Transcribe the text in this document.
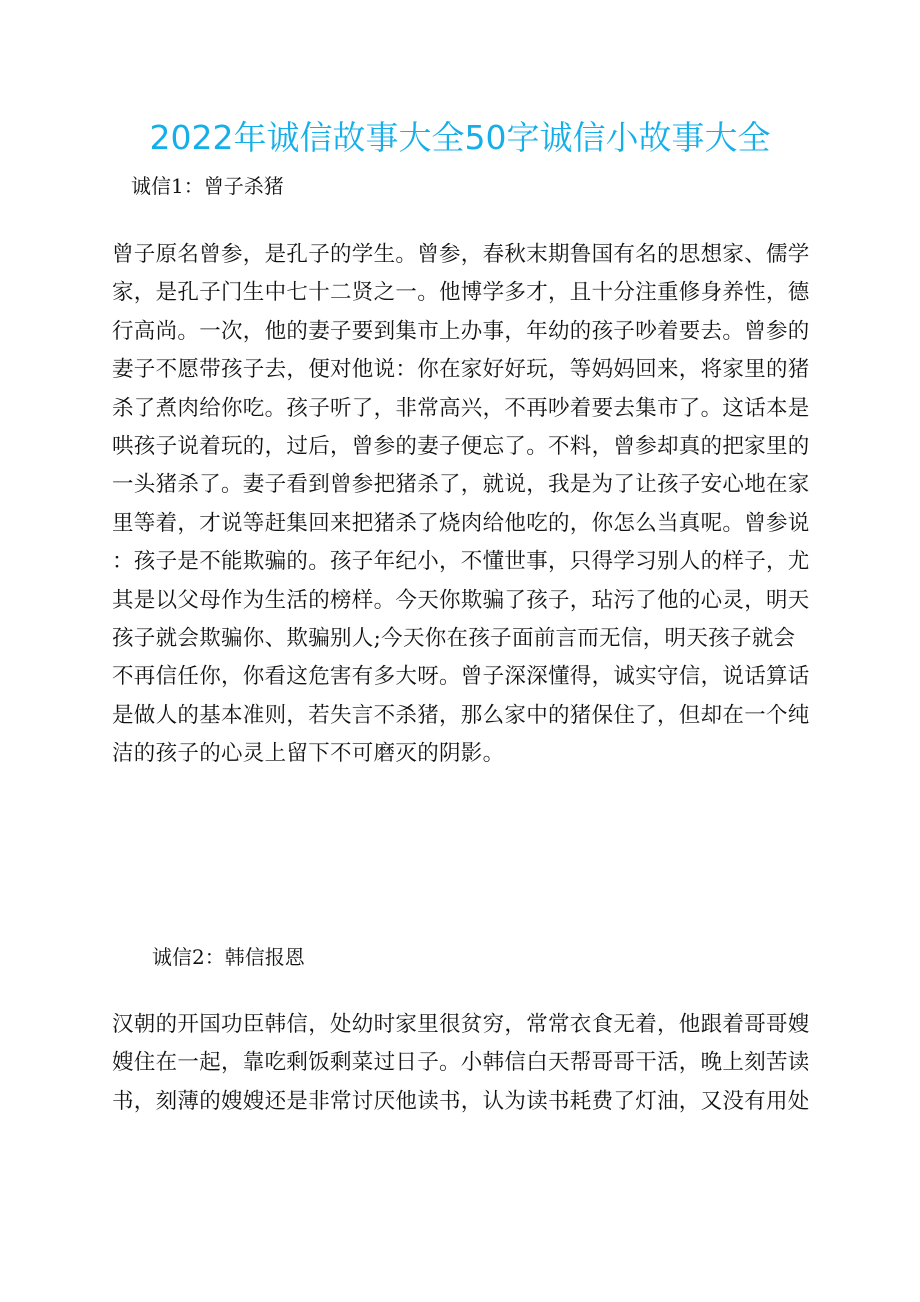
2022年诚信故事大全50字诚信小故事大全
诚信1：曾子杀猪
曾子原名曾参，是孔子的学生。曾参，春秋末期鲁国有名的思想家、儒学
家，是孔子门生中七十二贤之一。他博学多才，且十分注重修身养性，德
行高尚。一次，他的妻子要到集市上办事，年幼的孩子吵着要去。曾参的
妻子不愿带孩子去，便对他说：你在家好好玩，等妈妈回来，将家里的猪
杀了煮肉给你吃。孩子听了，非常高兴，不再吵着要去集市了。这话本是
哄孩子说着玩的，过后，曾参的妻子便忘了。不料，曾参却真的把家里的
一头猪杀了。妻子看到曾参把猪杀了，就说，我是为了让孩子安心地在家
里等着，才说等赶集回来把猪杀了烧肉给他吃的，你怎么当真呢。曾参说
：孩子是不能欺骗的。孩子年纪小，不懂世事，只得学习别人的样子，尤
其是以父母作为生活的榜样。今天你欺骗了孩子，玷污了他的心灵，明天
孩子就会欺骗你、欺骗别人;今天你在孩子面前言而无信，明天孩子就会
不再信任你，你看这危害有多大呀。曾子深深懂得，诚实守信，说话算话
是做人的基本准则，若失言不杀猪，那么家中的猪保住了，但却在一个纯
洁的孩子的心灵上留下不可磨灭的阴影。
诚信2：韩信报恩
汉朝的开国功臣韩信，处幼时家里很贫穷，常常衣食无着，他跟着哥哥嫂
嫂住在一起，靠吃剩饭剩菜过日子。小韩信白天帮哥哥干活，晚上刻苦读
书，刻薄的嫂嫂还是非常讨厌他读书，认为读书耗费了灯油，又没有用处
